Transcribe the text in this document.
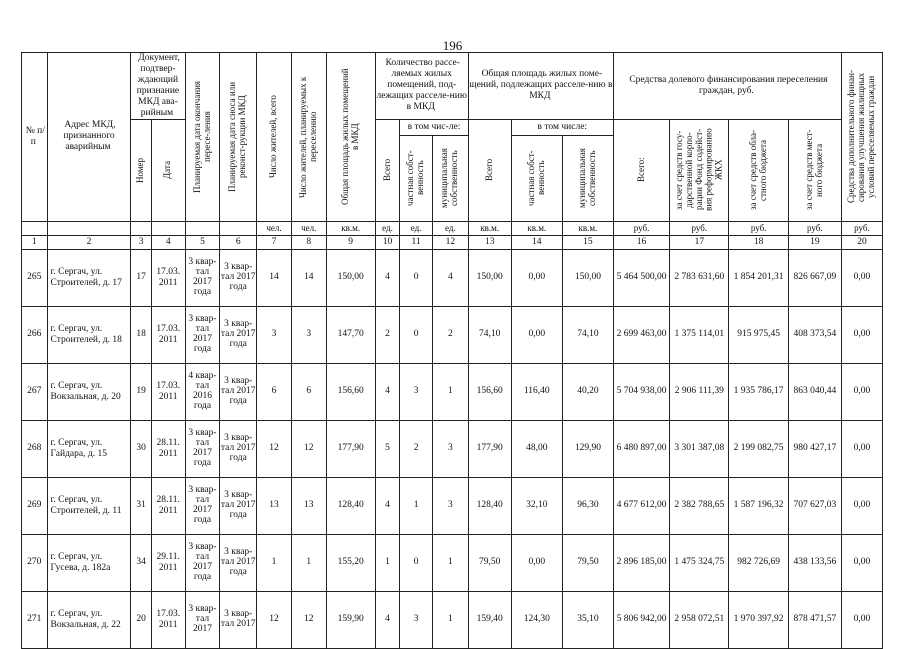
196
№ п/п	Адрес МКД, признанного аварийным	Документ, подтвер-ждающий признание МКД ава-рийным		Планируемая дата окончания пересе-ления	Планируемая дата сноса или реконст-рукции МКД	Число жителей, всего	Число жителей, планируемых к переселению	Общая площадь жилых помещений в МКД	Количество рассе-ляемых жилых помещений, под-лежащих расселе-нию в МКД			Общая площадь жилых поме-щений, подлежащих расселе-нию в МКД			Средства долевого финансирования переселения граждан, руб.				Средства дополнительного финан-сирования улучшения жилищных условий переселяемых граждан

		Номер	Дата						Всего	в том чис-ле:		Всего	в том числе:		Всего:	за счет средств госу-дарственной корпо-рации Фонд содейст-вия реформированию ЖКХ	за счет средств обла-стного бюджета	за счет средств мест-ного бюджета	

										частная собст-венность	муниципальная собственность		частная собст-венность	муниципальная собственность					

						чел.	чел.	кв.м.	ед.	ед.	ед.	кв.м.	кв.м.	кв.м.	руб.	руб.	руб.	руб.	руб.
1	2	3	4	5	6	7	8	9	10	11	12	13	14	15	16	17	18	19	20
265	г. Сергач, ул. Строителей, д. 17	17	17.03. 2011	3 квар-тал 2017 года	3 квар-тал 2017 года	14	14	150,00	4	0	4	150,00	0,00	150,00	5 464 500,00	2 783 631,60	1 854 201,31	826 667,09	0,00
266	г. Сергач, ул. Строителей, д. 18	18	17.03. 2011	3 квар-тал 2017 года	3 квар-тал 2017 года	3	3	147,70	2	0	2	74,10	0,00	74,10	2 699 463,00	1 375 114,01	915 975,45	408 373,54	0,00
267	г. Сергач, ул. Вокзальная, д. 20	19	17.03. 2011	4 квар-тал 2016 года	3 квар-тал 2017 года	6	6	156,60	4	3	1	156,60	116,40	40,20	5 704 938,00	2 906 111,39	1 935 786,17	863 040,44	0,00
268	г. Сергач, ул. Гайдара, д. 15	30	28.11. 2011	3 квар-тал 2017 года	3 квар-тал 2017 года	12	12	177,90	5	2	3	177,90	48,00	129,90	6 480 897,00	3 301 387,08	2 199 082,75	980 427,17	0,00
269	г. Сергач, ул. Строителей, д. 11	31	28.11. 2011	3 квар-тал 2017 года	3 квар-тал 2017 года	13	13	128,40	4	1	3	128,40	32,10	96,30	4 677 612,00	2 382 788,65	1 587 196,32	707 627,03	0,00
270	г. Сергач, ул. Гусева, д. 182а	34	29.11. 2011	3 квар-тал 2017 года	3 квар-тал 2017 года	1	1	155,20	1	0	1	79,50	0,00	79,50	2 896 185,00	1 475 324,75	982 726,69	438 133,56	0,00
271	г. Сергач, ул. Вокзальная, д. 22	20	17.03. 2011	3 квар-тал 2017	3 квар-тал 2017	12	12	159,90	4	3	1	159,40	124,30	35,10	5 806 942,00	2 958 072,51	1 970 397,92	878 471,57	0,00
